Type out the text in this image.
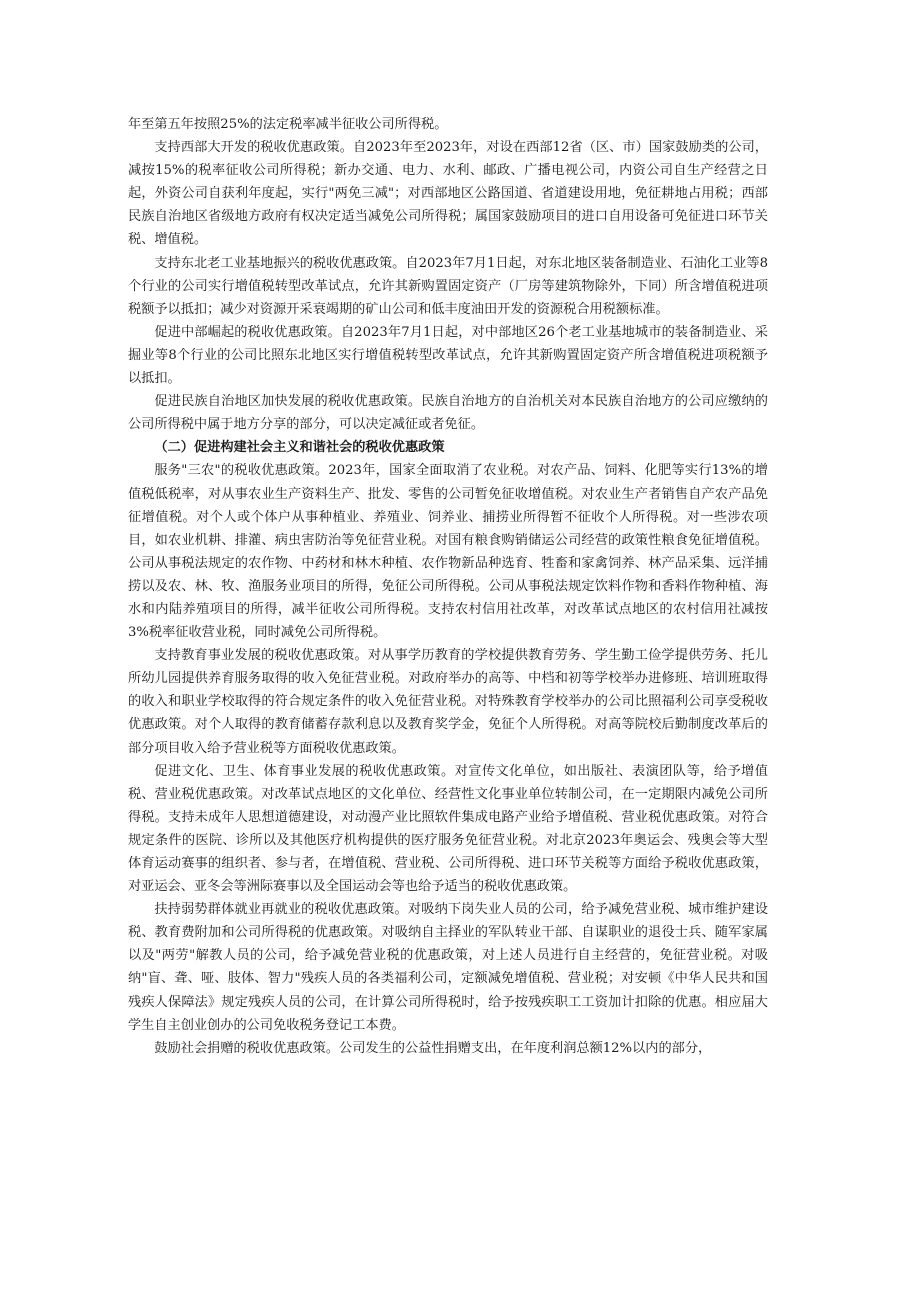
年至第五年按照25%的法定税率减半征收公司所得税。

支持西部大开发的税收优惠政策。自2023年至2023年，对设在西部12省（区、市）国家鼓励类的公司，减按15%的税率征收公司所得税；新办交通、电力、水利、邮政、广播电视公司，内资公司自生产经营之日起，外资公司自获利年度起，实行"两免三减"；对西部地区公路国道、省道建设用地，免征耕地占用税；西部民族自治地区省级地方政府有权决定适当减免公司所得税；属国家鼓励项目的进口自用设备可免征进口环节关税、增值税。

支持东北老工业基地振兴的税收优惠政策。自2023年7月1日起，对东北地区装备制造业、石油化工业等8个行业的公司实行增值税转型改革试点，允许其新购置固定资产（厂房等建筑物除外，下同）所含增值税进项税额予以抵扣；减少对资源开采衰竭期的矿山公司和低丰度油田开发的资源税合用税额标准。

促进中部崛起的税收优惠政策。自2023年7月1日起，对中部地区26个老工业基地城市的装备制造业、采掘业等8个行业的公司比照东北地区实行增值税转型改革试点，允许其新购置固定资产所含增值税进项税额予以抵扣。

促进民族自治地区加快发展的税收优惠政策。民族自治地方的自治机关对本民族自治地方的公司应缴纳的公司所得税中属于地方分享的部分，可以决定减征或者免征。

（二）促进构建社会主义和谐社会的税收优惠政策

服务"三农"的税收优惠政策。2023年，国家全面取消了农业税。对农产品、饲料、化肥等实行13%的增值税低税率，对从事农业生产资料生产、批发、零售的公司暂免征收增值税。对农业生产者销售自产农产品免征增值税。对个人或个体户从事种植业、养殖业、饲养业、捕捞业所得暂不征收个人所得税。对一些涉农项目，如农业机耕、排灌、病虫害防治等免征营业税。对国有粮食购销储运公司经营的政策性粮食免征增值税。公司从事税法规定的农作物、中药材和林木种植、农作物新品种选育、牲畜和家禽饲养、林产品采集、远洋捕捞以及农、林、牧、渔服务业项目的所得，免征公司所得税。公司从事税法规定饮料作物和香料作物种植、海水和内陆养殖项目的所得，减半征收公司所得税。支持农村信用社改革，对改革试点地区的农村信用社减按3%税率征收营业税，同时减免公司所得税。

支持教育事业发展的税收优惠政策。对从事学历教育的学校提供教育劳务、学生勤工俭学提供劳务、托儿所幼儿园提供养育服务取得的收入免征营业税。对政府举办的高等、中档和初等学校举办进修班、培训班取得的收入和职业学校取得的符合规定条件的收入免征营业税。对特殊教育学校举办的公司比照福利公司享受税收优惠政策。对个人取得的教育储蓄存款利息以及教育奖学金，免征个人所得税。对高等院校后勤制度改革后的部分项目收入给予营业税等方面税收优惠政策。

促进文化、卫生、体育事业发展的税收优惠政策。对宣传文化单位，如出版社、表演团队等，给予增值税、营业税优惠政策。对改革试点地区的文化单位、经营性文化事业单位转制公司，在一定期限内减免公司所得税。支持未成年人思想道德建设，对动漫产业比照软件集成电路产业给予增值税、营业税优惠政策。对符合规定条件的医院、诊所以及其他医疗机构提供的医疗服务免征营业税。对北京2023年奥运会、残奥会等大型体育运动赛事的组织者、参与者，在增值税、营业税、公司所得税、进口环节关税等方面给予税收优惠政策，对亚运会、亚冬会等洲际赛事以及全国运动会等也给予适当的税收优惠政策。

扶持弱势群体就业再就业的税收优惠政策。对吸纳下岗失业人员的公司，给予减免营业税、城市维护建设税、教育费附加和公司所得税的优惠政策。对吸纳自主择业的军队转业干部、自谋职业的退役士兵、随军家属以及"两劳"解教人员的公司，给予减免营业税的优惠政策，对上述人员进行自主经营的，免征营业税。对吸纳"盲、聋、哑、肢体、智力"残疾人员的各类福利公司，定额减免增值税、营业税；对安顿《中华人民共和国残疾人保障法》规定残疾人员的公司，在计算公司所得税时，给予按残疾职工工资加计扣除的优惠。相应届大学生自主创业创办的公司免收税务登记工本费。

鼓励社会捐赠的税收优惠政策。公司发生的公益性捐赠支出，在年度利润总额12%以内的部分，
